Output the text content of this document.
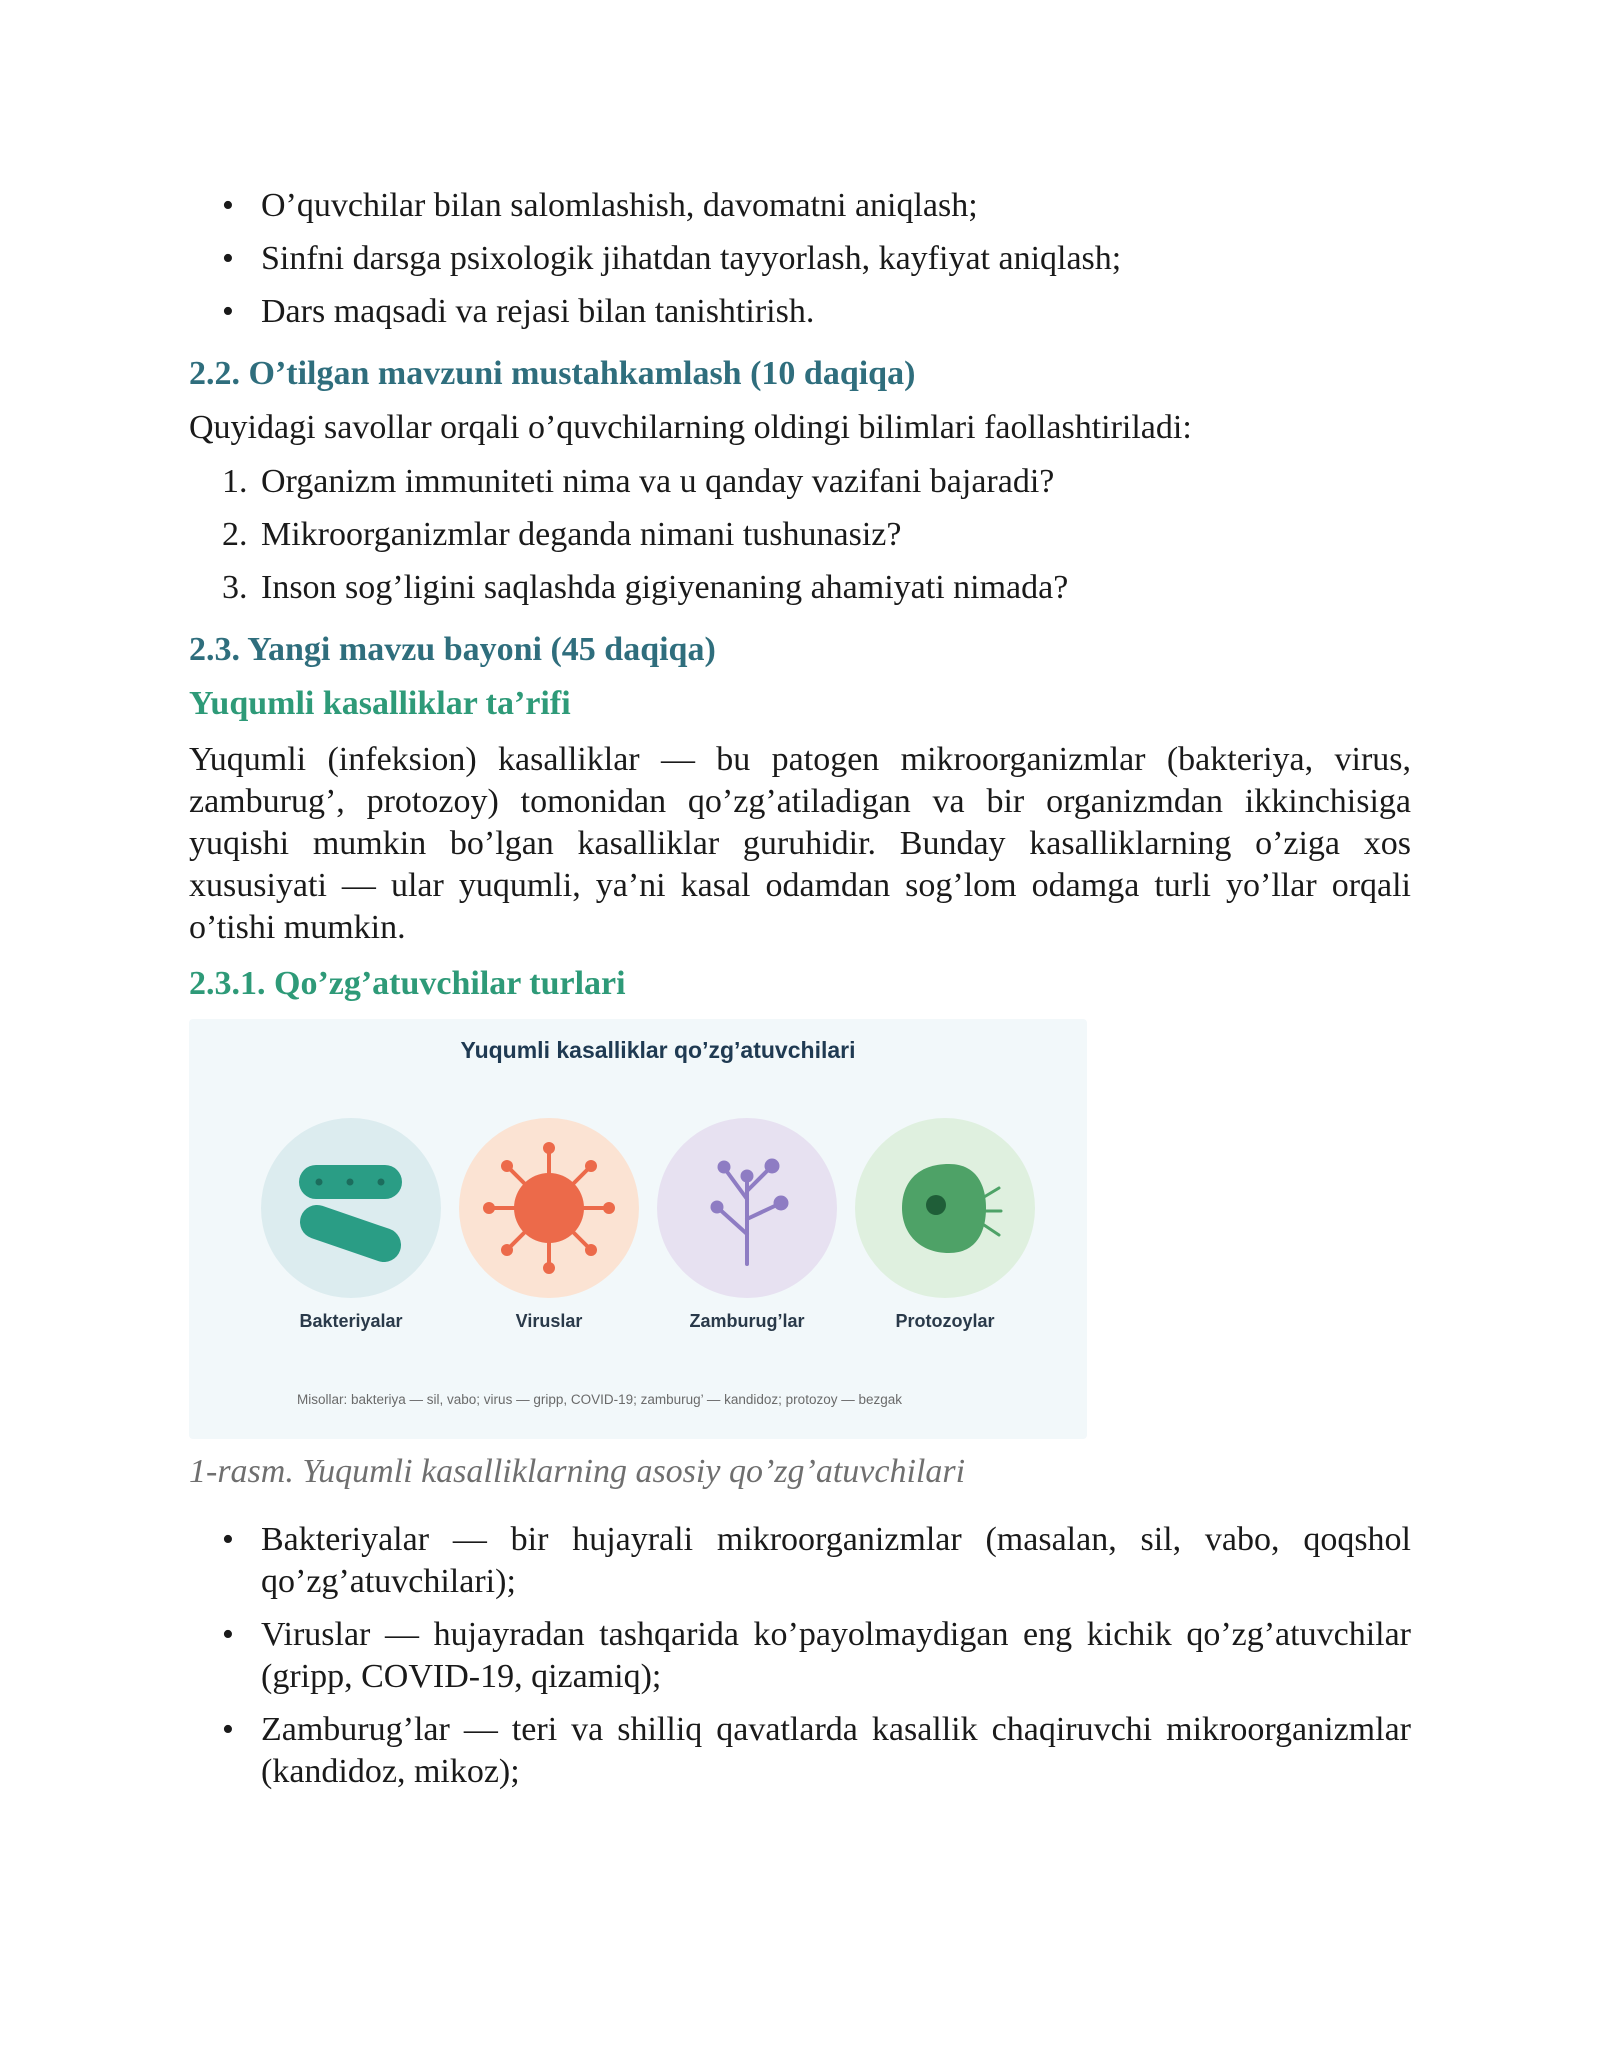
• O’quvchilar bilan salomlashish, davomatni aniqlash;
• Sinfni darsga psixologik jihatdan tayyorlash, kayfiyat aniqlash;
• Dars maqsadi va rejasi bilan tanishtirish.
2.2. O’tilgan mavzuni mustahkamlash (10 daqiqa)

Quyidagi savollar orqali o’quvchilarning oldingi bilimlari faollashtiriladi:

1. Organizm immuniteti nima va u qanday vazifani bajaradi?
2. Mikroorganizmlar deganda nimani tushunasiz?
3. Inson sog’ligini saqlashda gigiyenaning ahamiyati nimada?
2.3. Yangi mavzu bayoni (45 daqiqa)
Yuqumli kasalliklar ta’rifi

Yuqumli (infeksion) kasalliklar — bu patogen mikroorganizmlar (bakteriya, virus, zamburug’, protozoy) tomonidan qo’zg’atiladigan va bir organizmdan ikkinchisiga yuqishi mumkin bo’lgan kasalliklar guruhidir. Bunday kasalliklarning o’ziga xos xususiyati — ular yuqumli, ya’ni kasal odamdan sog’lom odamga turli yo’llar orqali o’tishi mumkin.

2.3.1. Qo’zg’atuvchilar turlari
Yuqumli kasalliklar qo’zg’atuvchilari
Bakteriyalar	Viruslar	Zamburug’lar	Protozoylar
Misollar: bakteriya — sil, vabo; virus — gripp, COVID-19; zamburug’ — kandidoz; protozoy — bezgak
1-rasm. Yuqumli kasalliklarning asosiy qo’zg’atuvchilari
• Bakteriyalar — bir hujayrali mikroorganizmlar (masalan, sil, vabo, qoqshol qo’zg’atuvchilari);
• Viruslar — hujayradan tashqarida ko’payolmaydigan eng kichik qo’zg’atuvchilar (gripp, COVID-19, qizamiq);
• Zamburug’lar — teri va shilliq qavatlarda kasallik chaqiruvchi mikroorganizmlar (kandidoz, mikoz);
